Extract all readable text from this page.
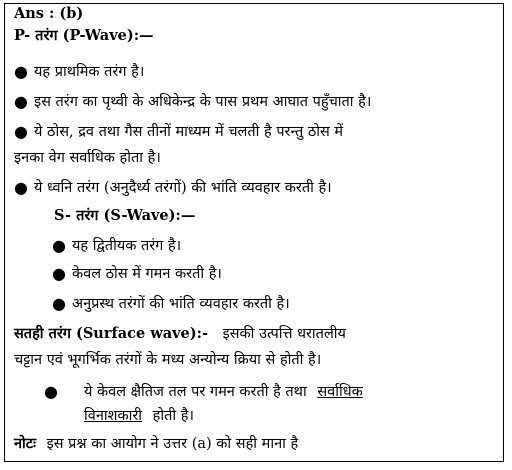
Ans : (b)
P- तरंग (P-Wave):—
● यह प्राथमिक तरंग है।
● इस तरंग का पृथ्वी के अधिकेन्द्र के पास प्रथम आघात पहुँचाता है।
● ये ठोस, द्रव तथा गैस तीनों माध्यम में चलती है परन्तु ठोस में
इनका वेग सर्वाधिक होता है।
● ये ध्वनि तरंग (अनुदैर्ध्य तरंगों) की भांति व्यवहार करती है।
S- तरंग (S-Wave):—
● यह द्वितीयक तरंग है।
● केवल ठोस में गमन करती है।
● अनुप्रस्थ तरंगों की भांति व्यवहार करती है।
सतही तरंग (Surface wave):- इसकी उत्पत्ति धरातलीय
चट्टान एवं भूगर्भिक तरंगों के मध्य अन्योन्य क्रिया से होती है।
● ये केवल क्षैतिज तल पर गमन करती है तथा सर्वाधिक
विनाशकारी होती है।
नोटः इस प्रश्न का आयोग ने उत्तर (a) को सही माना है
